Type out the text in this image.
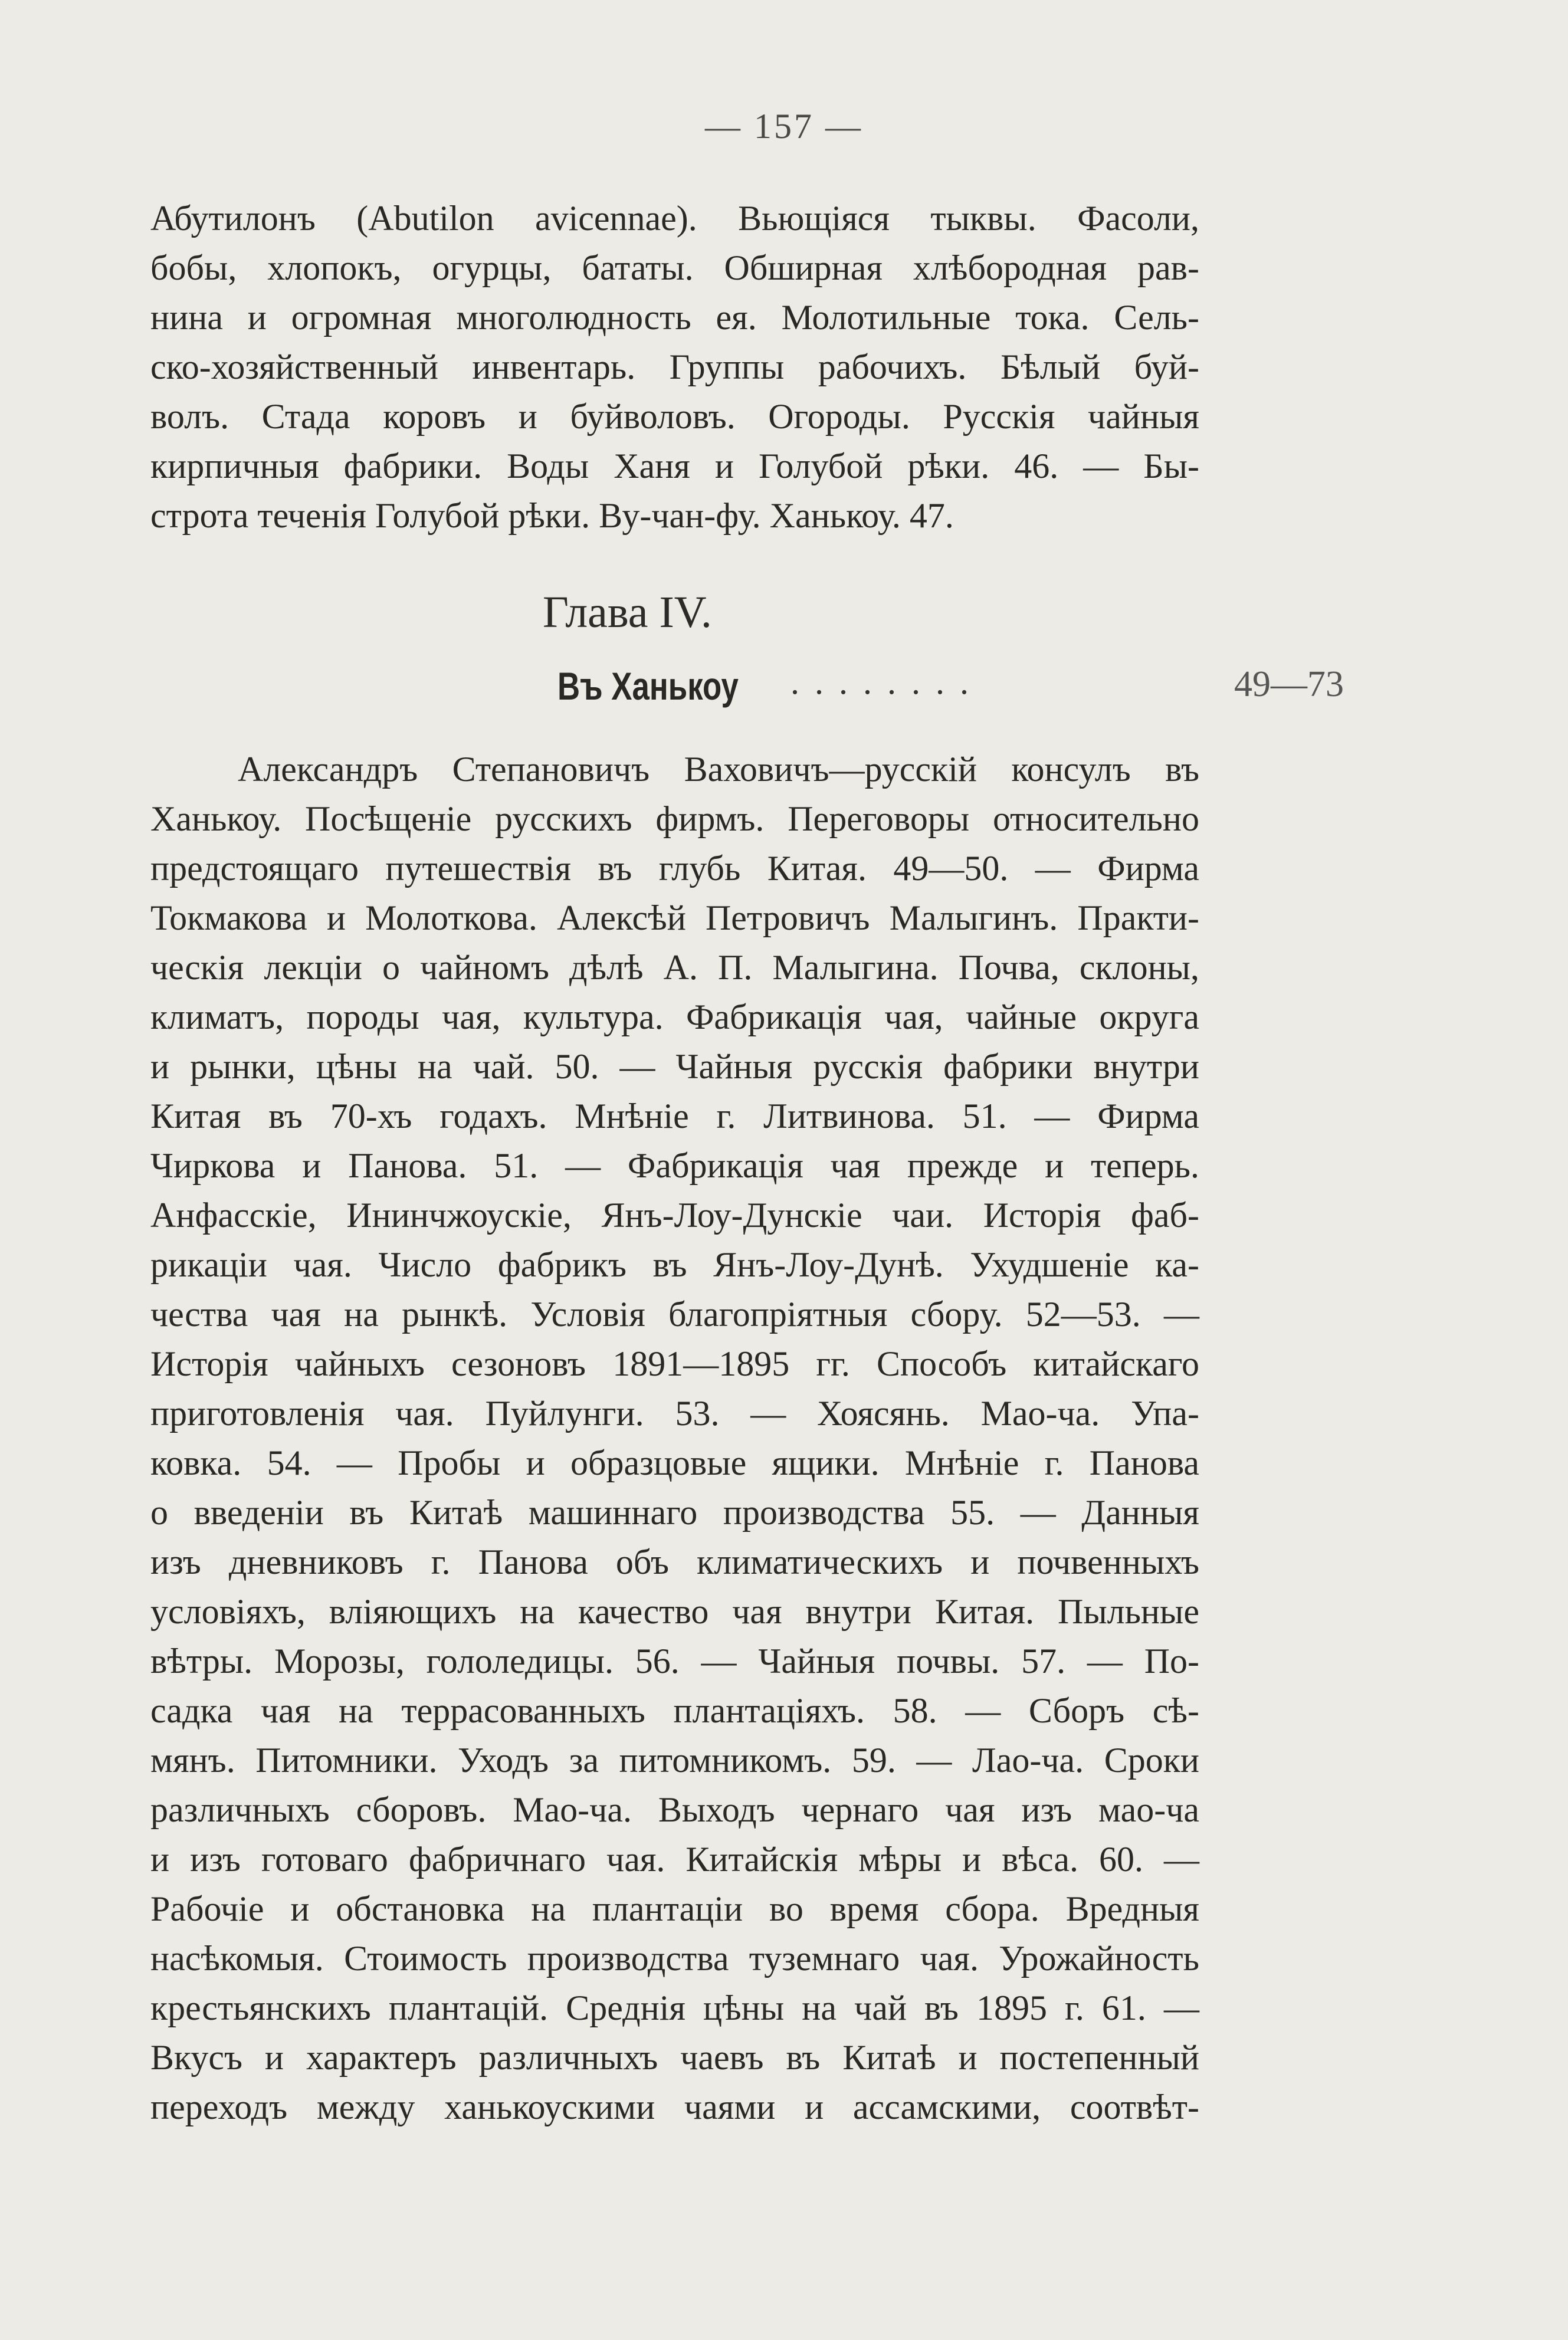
— 157 —
Абутилонъ (Abutilon avicennae). Вьющіяся тыквы. Фасоли,
бобы, хлопокъ, огурцы, бататы. Обширная хлѣбородная рав-
нина и огромная многолюдность ея. Молотильные тока. Сель-
ско-хозяйственный инвентарь. Группы рабочихъ. Бѣлый буй-
волъ. Стада коровъ и буйволовъ. Огороды. Русскія чайныя
кирпичныя фабрики. Воды Ханя и Голубой рѣки. 46. — Бы-
строта теченія Голубой рѣки. Ву-чан-фу. Ханькоу. 47.
Глава IV.
Въ Ханькоу ........	49—73
Александръ Степановичъ Ваховичъ—русскій консулъ въ
Ханькоу. Посѣщеніе русскихъ фирмъ. Переговоры относительно
предстоящаго путешествія въ глубь Китая. 49—50. — Фирма
Токмакова и Молоткова. Алексѣй Петровичъ Малыгинъ. Практи-
ческія лекціи о чайномъ дѣлѣ А. П. Малыгина. Почва, склоны,
климатъ, породы чая, культура. Фабрикація чая, чайные округа
и рынки, цѣны на чай. 50. — Чайныя русскія фабрики внутри
Китая въ 70-хъ годахъ. Мнѣніе г. Литвинова. 51. — Фирма
Чиркова и Панова. 51. — Фабрикація чая прежде и теперь.
Анфасскіе, Ининчжоускіе, Янъ-Лоу-Дунскіе чаи. Исторія фаб-
рикаціи чая. Число фабрикъ въ Янъ-Лоу-Дунѣ. Ухудшеніе ка-
чества чая на рынкѣ. Условія благопріятныя сбору. 52—53. —
Исторія чайныхъ сезоновъ 1891—1895 гг. Способъ китайскаго
приготовленія чая. Пуйлунги. 53. — Хоясянь. Мао-ча. Упа-
ковка. 54. — Пробы и образцовые ящики. Мнѣніе г. Панова
о введеніи въ Китаѣ машиннаго производства 55. — Данныя
изъ дневниковъ г. Панова объ климатическихъ и почвенныхъ
условіяхъ, вліяющихъ на качество чая внутри Китая. Пыльные
вѣтры. Морозы, гололедицы. 56. — Чайныя почвы. 57. — По-
садка чая на террасованныхъ плантаціяхъ. 58. — Сборъ сѣ-
мянъ. Питомники. Уходъ за питомникомъ. 59. — Лао-ча. Сроки
различныхъ сборовъ. Мао-ча. Выходъ чернаго чая изъ мао-ча
и изъ готоваго фабричнаго чая. Китайскія мѣры и вѣса. 60. —
Рабочіе и обстановка на плантаціи во время сбора. Вредныя
насѣкомыя. Стоимость производства туземнаго чая. Урожайность
крестьянскихъ плантацій. Среднія цѣны на чай въ 1895 г. 61. —
Вкусъ и характеръ различныхъ чаевъ въ Китаѣ и постепенный
переходъ между ханькоускими чаями и ассамскими, соотвѣт-
